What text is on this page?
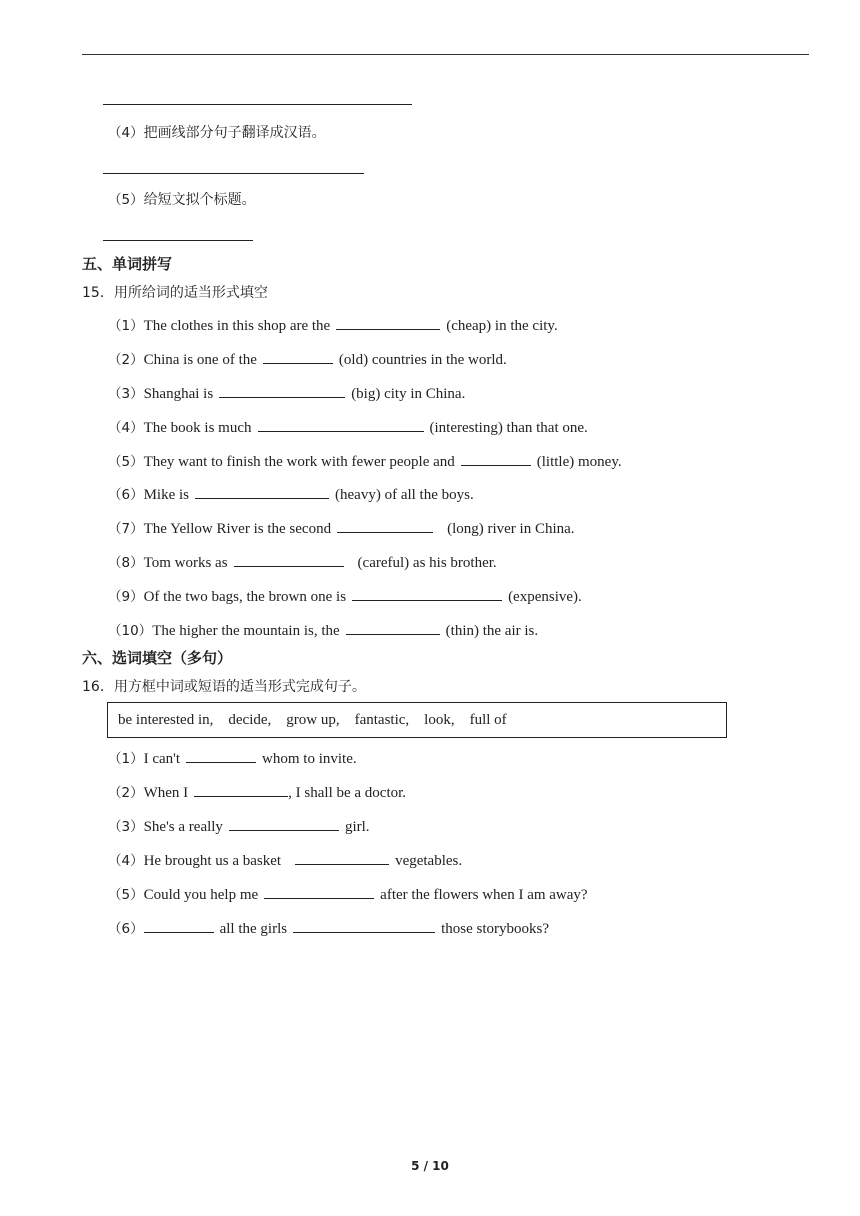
（4）把画线部分句子翻译成汉语。
（5）给短文拟个标题。
五、单词拼写
15．用所给词的适当形式填空
（1）The clothes in this shop are the	(cheap) in the city.
（2）China is one of the	(old) countries in the world.
（3）Shanghai is	(big) city in China.
（4）The book is much	(interesting) than that one.
（5）They want to finish the work with fewer people and	(little) money.
（6）Mike is	(heavy) of all the boys.
（7）The Yellow River is the second	(long) river in China.
（8）Tom works as	(careful) as his brother.
（9）Of the two bags, the brown one is	(expensive).
（10）The higher the mountain is, the	(thin) the air is.
六、选词填空（多句）
16．用方框中词或短语的适当形式完成句子。
be interested in,    decide,    grow up,    fantastic,    look,    full of
（1）I can't	whom to invite.
（2）When I	, I shall be a doctor.
（3）She's a really	girl.
（4）He brought us a basket	vegetables.
（5）Could you help me	after the flowers when I am away?
（6）	all the girls	those storybooks?
5 / 10
